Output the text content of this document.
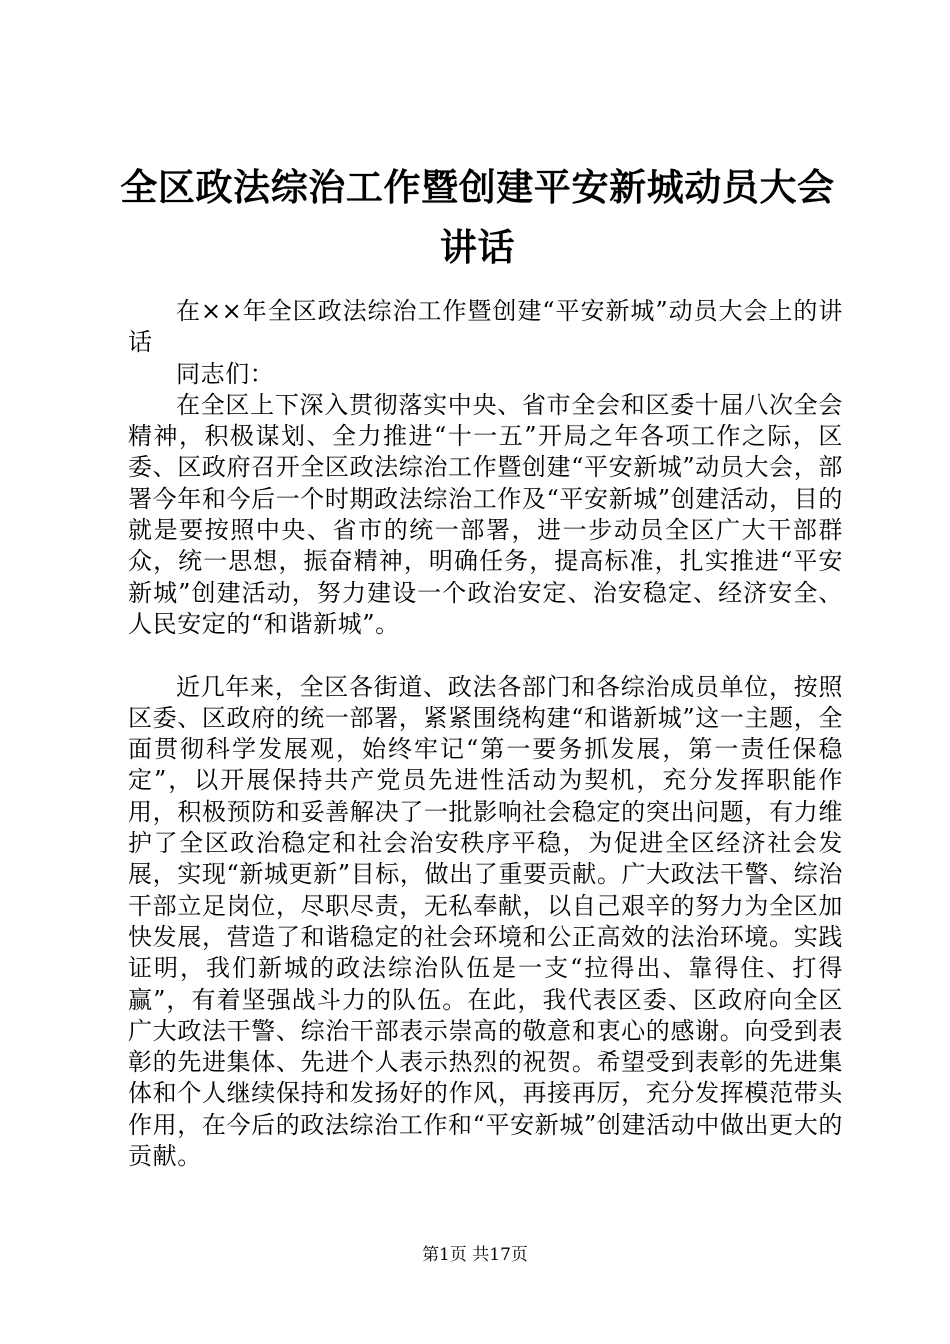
全区政法综治工作暨创建平安新城动员大会讲话

在××年全区政法综治工作暨创建“平安新城”动员大会上的讲话

同志们：

在全区上下深入贯彻落实中央、省市全会和区委十届八次全会精神，积极谋划、全力推进“十一五”开局之年各项工作之际，区委、区政府召开全区政法综治工作暨创建“平安新城”动员大会，部署今年和今后一个时期政法综治工作及“平安新城”创建活动，目的就是要按照中央、省市的统一部署，进一步动员全区广大干部群众，统一思想，振奋精神，明确任务，提高标准，扎实推进“平安新城”创建活动，努力建设一个政治安定、治安稳定、经济安全、人民安定的“和谐新城”。

近几年来，全区各街道、政法各部门和各综治成员单位，按照区委、区政府的统一部署，紧紧围绕构建“和谐新城”这一主题，全面贯彻科学发展观，始终牢记“第一要务抓发展，第一责任保稳定”，以开展保持共产党员先进性活动为契机，充分发挥职能作用，积极预防和妥善解决了一批影响社会稳定的突出问题，有力维护了全区政治稳定和社会治安秩序平稳，为促进全区经济社会发展，实现“新城更新”目标，做出了重要贡献。广大政法干警、综治干部立足岗位，尽职尽责，无私奉献，以自己艰辛的努力为全区加快发展，营造了和谐稳定的社会环境和公正高效的法治环境。实践证明，我们新城的政法综治队伍是一支“拉得出、靠得住、打得赢”，有着坚强战斗力的队伍。在此，我代表区委、区政府向全区广大政法干警、综治干部表示崇高的敬意和衷心的感谢。向受到表彰的先进集体、先进个人表示热烈的祝贺。希望受到表彰的先进集体和个人继续保持和发扬好的作风，再接再厉，充分发挥模范带头作用，在今后的政法综治工作和“平安新城”创建活动中做出更大的贡献。

第1页 共17页
